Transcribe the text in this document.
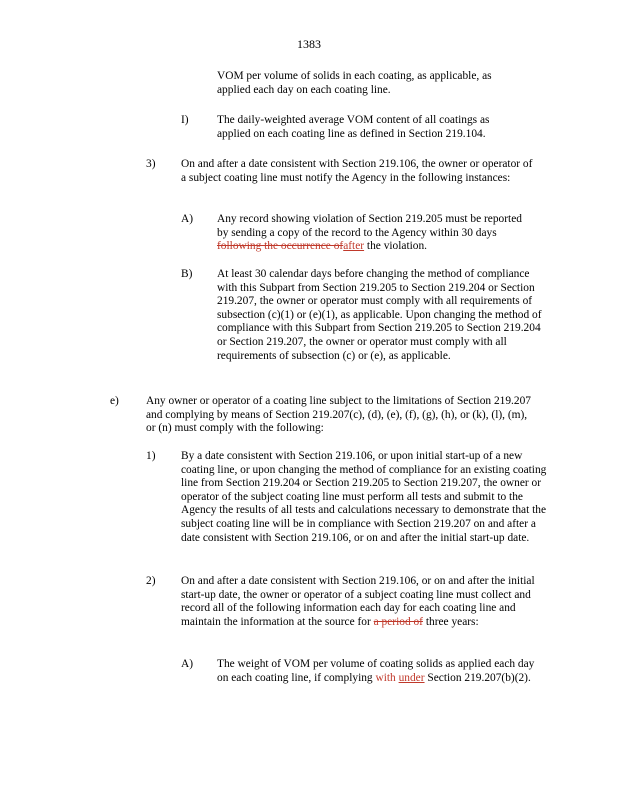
1383
VOM per volume of solids in each coating, as applicable, as applied each day on each coating line.
I) The daily-weighted average VOM content of all coatings as applied on each coating line as defined in Section 219.104.
3) On and after a date consistent with Section 219.106, the owner or operator of a subject coating line must notify the Agency in the following instances:
A) Any record showing violation of Section 219.205 must be reported by sending a copy of the record to the Agency within 30 days following the occurrence ofafter the violation.
B) At least 30 calendar days before changing the method of compliance with this Subpart from Section 219.205 to Section 219.204 or Section 219.207, the owner or operator must comply with all requirements of subsection (c)(1) or (e)(1), as applicable. Upon changing the method of compliance with this Subpart from Section 219.205 to Section 219.204 or Section 219.207, the owner or operator must comply with all requirements of subsection (c) or (e), as applicable.
e) Any owner or operator of a coating line subject to the limitations of Section 219.207 and complying by means of Section 219.207(c), (d), (e), (f), (g), (h), or (k), (l), (m), or (n) must comply with the following:
1) By a date consistent with Section 219.106, or upon initial start-up of a new coating line, or upon changing the method of compliance for an existing coating line from Section 219.204 or Section 219.205 to Section 219.207, the owner or operator of the subject coating line must perform all tests and submit to the Agency the results of all tests and calculations necessary to demonstrate that the subject coating line will be in compliance with Section 219.207 on and after a date consistent with Section 219.106, or on and after the initial start-up date.
2) On and after a date consistent with Section 219.106, or on and after the initial start-up date, the owner or operator of a subject coating line must collect and record all of the following information each day for each coating line and maintain the information at the source for a period of three years:
A) The weight of VOM per volume of coating solids as applied each day on each coating line, if complying with under Section 219.207(b)(2).
